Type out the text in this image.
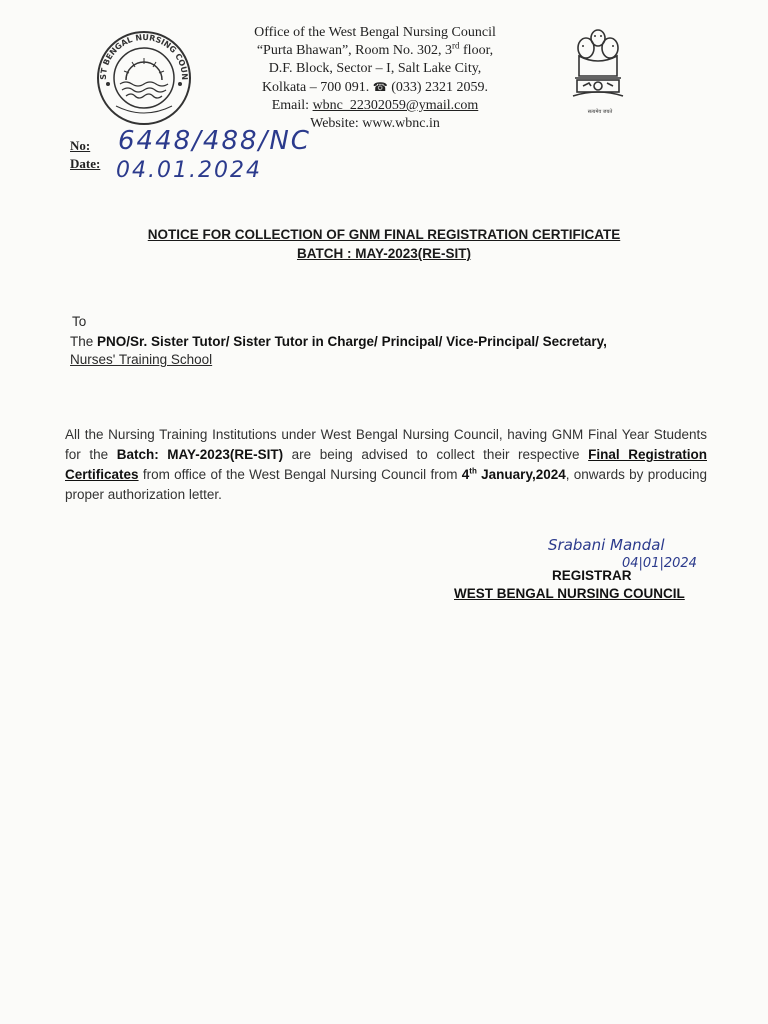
ST BENGAL NURSING COUN
Office of the West Bengal Nursing Council
“Purta Bhawan”, Room No. 302, 3rd floor,
D.F. Block, Sector – I, Salt Lake City,
Kolkata – 700 091. ☎ (033) 2321 2059.
Email: wbnc_22302059@ymail.com
Website: www.wbnc.in
सत्यमेव जयते
No: 6448/488/NC
Date: 04.01.2024
NOTICE FOR COLLECTION OF GNM FINAL REGISTRATION CERTIFICATE
BATCH : MAY-2023(RE-SIT)
To
The PNO/Sr. Sister Tutor/ Sister Tutor in Charge/ Principal/ Vice-Principal/ Secretary,
Nurses' Training School
All the Nursing Training Institutions under West Bengal Nursing Council, having GNM Final Year Students for the Batch: MAY-2023(RE-SIT) are being advised to collect their respective Final Registration Certificates from office of the West Bengal Nursing Council from 4th January,2024, onwards by producing proper authorization letter.
Srabani Mandal
04|01|2024
REGISTRAR
WEST BENGAL NURSING COUNCIL
